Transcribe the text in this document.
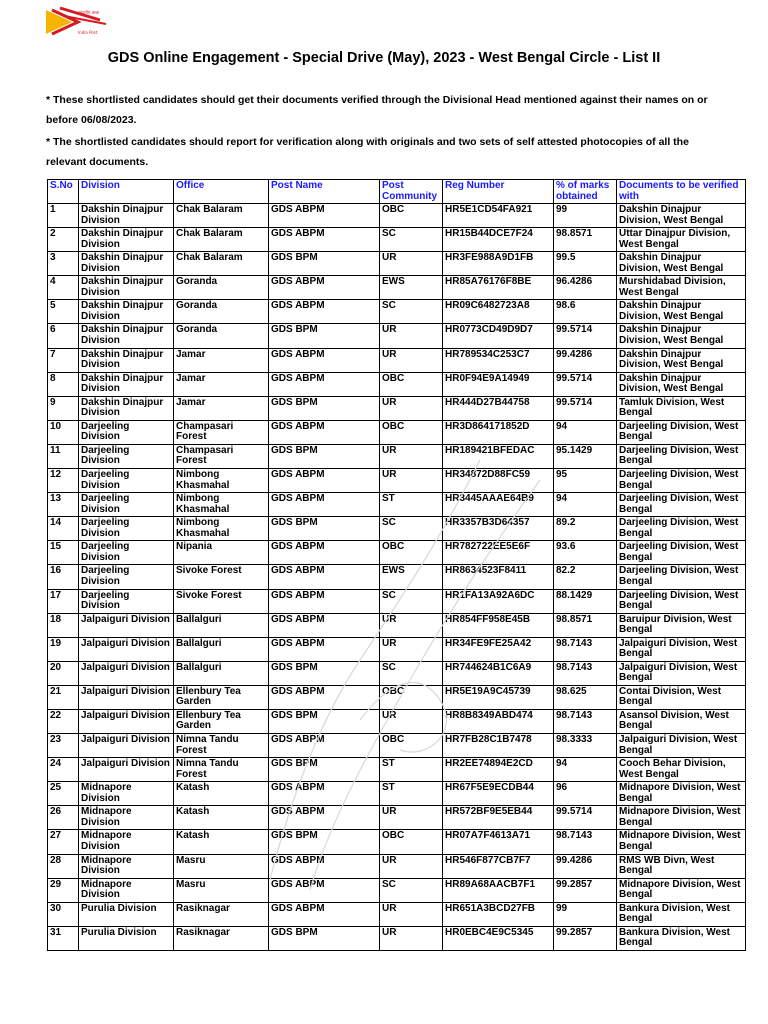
भारतीय डाक
India Post
GDS Online Engagement - Special Drive (May), 2023 - West Bengal Circle - List II

* These shortlisted candidates should get their documents verified through the Divisional Head mentioned against their names on or before 06/08/2023.

* The shortlisted candidates should report for verification along with originals and two sets of self attested photocopies of all the relevant documents.

S.No	Division	Office	Post Name	Post Community	Reg Number	% of marks obtained	Documents to be verified with
1	Dakshin Dinajpur Division	Chak Balaram	GDS ABPM	OBC	HR5E1CD54FA921	99	Dakshin Dinajpur Division, West Bengal
2	Dakshin Dinajpur Division	Chak Balaram	GDS ABPM	SC	HR15B44DCE7F24	98.8571	Uttar Dinajpur Division, West Bengal
3	Dakshin Dinajpur Division	Chak Balaram	GDS BPM	UR	HR3FE988A9D1FB	99.5	Dakshin Dinajpur Division, West Bengal
4	Dakshin Dinajpur Division	Goranda	GDS ABPM	EWS	HR85A76176F8BE	96.4286	Murshidabad Division, West Bengal
5	Dakshin Dinajpur Division	Goranda	GDS ABPM	SC	HR09C6482723A8	98.6	Dakshin Dinajpur Division, West Bengal
6	Dakshin Dinajpur Division	Goranda	GDS BPM	UR	HR0773CD49D9D7	99.5714	Dakshin Dinajpur Division, West Bengal
7	Dakshin Dinajpur Division	Jamar	GDS ABPM	UR	HR789534C253C7	99.4286	Dakshin Dinajpur Division, West Bengal
8	Dakshin Dinajpur Division	Jamar	GDS ABPM	OBC	HR0F94E9A14949	99.5714	Dakshin Dinajpur Division, West Bengal
9	Dakshin Dinajpur Division	Jamar	GDS BPM	UR	HR444D27B44758	99.5714	Tamluk Division, West Bengal
10	Darjeeling Division	Champasari Forest	GDS ABPM	OBC	HR3D864171852D	94	Darjeeling Division, West Bengal
11	Darjeeling Division	Champasari Forest	GDS BPM	UR	HR189421BFEDAC	95.1429	Darjeeling Division, West Bengal
12	Darjeeling Division	Nimbong Khasmahal	GDS ABPM	UR	HR34872D88FC59	95	Darjeeling Division, West Bengal
13	Darjeeling Division	Nimbong Khasmahal	GDS ABPM	ST	HR3445AAAE64B9	94	Darjeeling Division, West Bengal
14	Darjeeling Division	Nimbong Khasmahal	GDS BPM	SC	HR3357B3D64357	89.2	Darjeeling Division, West Bengal
15	Darjeeling Division	Nipania	GDS ABPM	OBC	HR782722EE5E6F	93.6	Darjeeling Division, West Bengal
16	Darjeeling Division	Sivoke Forest	GDS ABPM	EWS	HR8634523F8411	82.2	Darjeeling Division, West Bengal
17	Darjeeling Division	Sivoke Forest	GDS ABPM	SC	HR1FA13A92A6DC	88.1429	Darjeeling Division, West Bengal
18	Jalpaiguri Division	Ballalguri	GDS ABPM	UR	HR854FF958E45B	98.8571	Baruipur Division, West Bengal
19	Jalpaiguri Division	Ballalguri	GDS ABPM	UR	HR34FE9FE25A42	98.7143	Jalpaiguri Division, West Bengal
20	Jalpaiguri Division	Ballalguri	GDS BPM	SC	HR744624B1C6A9	98.7143	Jalpaiguri Division, West Bengal
21	Jalpaiguri Division	Ellenbury Tea Garden	GDS ABPM	OBC	HR5E19A9C45739	98.625	Contai Division, West Bengal
22	Jalpaiguri Division	Ellenbury Tea Garden	GDS BPM	UR	HR8B8349ABD474	98.7143	Asansol Division, West Bengal
23	Jalpaiguri Division	Nimna Tandu Forest	GDS ABPM	OBC	HR7FB28C1B7478	98.3333	Jalpaiguri Division, West Bengal
24	Jalpaiguri Division	Nimna Tandu Forest	GDS BPM	ST	HR2EE74894E2CD	94	Cooch Behar Division, West Bengal
25	Midnapore Division	Katash	GDS ABPM	ST	HR67F5E9ECDB44	96	Midnapore Division, West Bengal
26	Midnapore Division	Katash	GDS ABPM	UR	HR572BF9E5EB44	99.5714	Midnapore Division, West Bengal
27	Midnapore Division	Katash	GDS BPM	OBC	HR07A7F4613A71	98.7143	Midnapore Division, West Bengal
28	Midnapore Division	Masru	GDS ABPM	UR	HR546F877CB7F7	99.4286	RMS WB Divn, West Bengal
29	Midnapore Division	Masru	GDS ABPM	SC	HR89A68AACB7F1	99.2857	Midnapore Division, West Bengal
30	Purulia Division	Rasiknagar	GDS ABPM	UR	HR651A3BCD27FB	99	Bankura Division, West Bengal
31	Purulia Division	Rasiknagar	GDS BPM	UR	HR0EBC4E9C5345	99.2857	Bankura Division, West Bengal
